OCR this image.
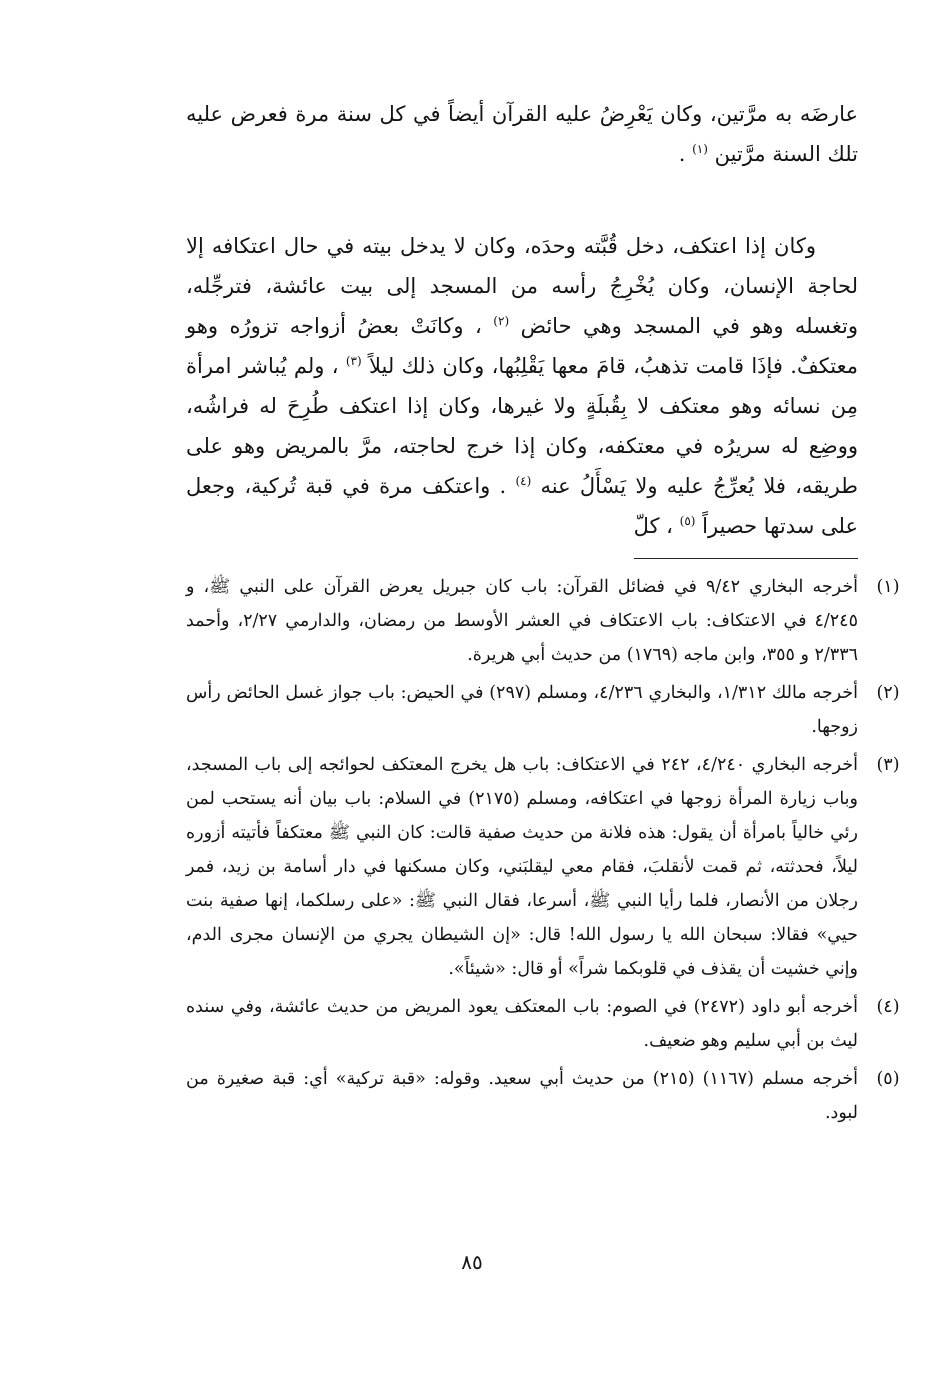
عارضَه به مرَّتين، وكان يَعْرِضُ عليه القرآن أيضاً في كل سنة مرة فعرض عليه تلك السنة مرَّتين $^{(١)}$ .

وكان إذا اعتكف، دخل قُبَّته وحدَه، وكان لا يدخل بيته في حال اعتكافه إلا لحاجة الإنسان، وكان يُخْرِجُ رأسه من المسجد إلى بيت عائشة، فترجِّله، وتغسله وهو في المسجد وهي حائض $^{(٢)}$ ، وكانَتْ بعضُ أزواجه تزورُه وهو معتكفٌ. فإذَا قامت تذهبُ، قامَ معها يَقْلِبُها، وكان ذلك ليلاً $^{(٣)}$ ، ولم يُباشر امرأة مِن نسائه وهو معتكف لا بِقُبلَةٍ ولا غيرها، وكان إذا اعتكف طُرِحَ له فراشُه، ووضِع له سريرُه في معتكفه، وكان إذا خرج لحاجته، مرَّ بالمريض وهو على طريقه، فلا يُعرِّجُ عليه ولا يَسْأَلُ عنه $^{(٤)}$ . واعتكف مرة في قبة تُركية، وجعل على سدتها حصيراً $^{(٥)}$ ، كلّ

(١)
أخرجه البخاري ٩/٤٢ في فضائل القرآن: باب كان جبريل يعرض القرآن على النبي ﷺ، و ٤/٢٤٥ في الاعتكاف: باب الاعتكاف في العشر الأوسط من رمضان، والدارمي ٢/٢٧، وأحمد ٢/٣٣٦ و ٣٥٥، وابن ماجه (١٧٦٩) من حديث أبي هريرة.
(٢)
أخرجه مالك ١/٣١٢، والبخاري ٤/٢٣٦، ومسلم (٢٩٧) في الحيض: باب جواز غسل الحائض رأس زوجها.
(٣)
أخرجه البخاري ٤/٢٤٠، ٢٤٢ في الاعتكاف: باب هل يخرج المعتكف لحوائجه إلى باب المسجد، وباب زيارة المرأة زوجها في اعتكافه، ومسلم (٢١٧٥) في السلام: باب بيان أنه يستحب لمن رئي خالياً بامرأة أن يقول: هذه فلانة من حديث صفية قالت: كان النبي ﷺ معتكفاً فأتيته أزوره ليلاً، فحدثته، ثم قمت لأنقلبَ، فقام معي ليقلبَني، وكان مسكنها في دار أسامة بن زيد، فمر رجلان من الأنصار، فلما رأيا النبي ﷺ، أسرعا، فقال النبي ﷺ: «على رسلكما، إنها صفية بنت حيي» فقالا: سبحان الله يا رسول الله! قال: «إن الشيطان يجري من الإنسان مجرى الدم، وإني خشيت أن يقذف في قلوبكما شراً» أو قال: «شيئاً».
(٤)
أخرجه أبو داود (٢٤٧٢) في الصوم: باب المعتكف يعود المريض من حديث عائشة، وفي سنده ليث بن أبي سليم وهو ضعيف.
(٥)
أخرجه مسلم (١١٦٧) (٢١٥) من حديث أبي سعيد. وقوله: «قبة تركية» أي: قبة صغيرة من لبود.
٨٥
